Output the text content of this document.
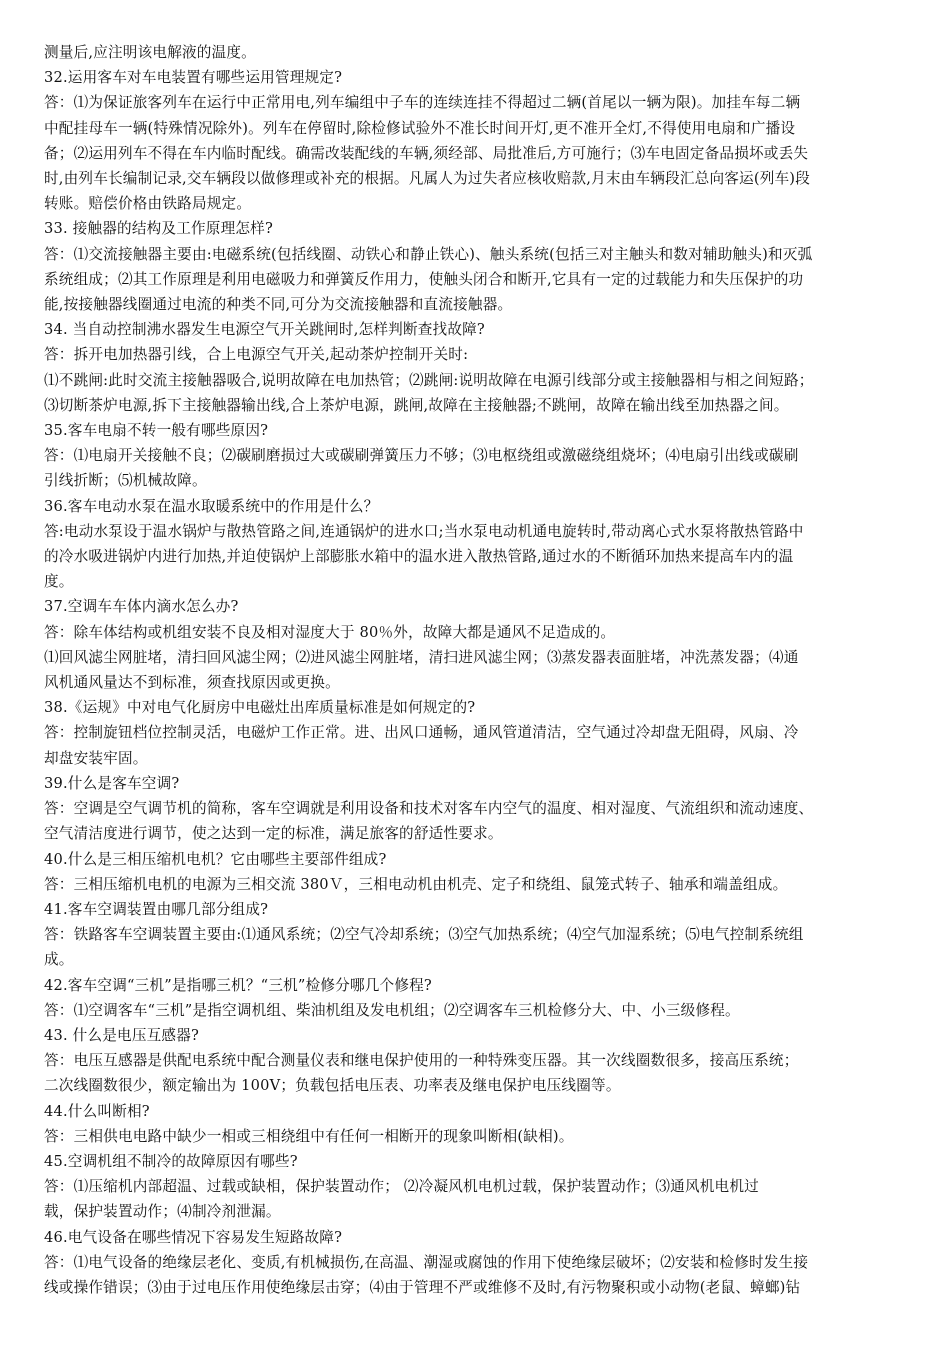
测量后,应注明该电解液的温度。
32.运用客车对车电装置有哪些运用管理规定?
答：⑴为保证旅客列车在运行中正常用电,列车编组中子车的连续连挂不得超过二辆(首尾以一辆为限)。加挂车每二辆
中配挂母车一辆(特殊情况除外)。列车在停留时,除检修试验外不准长时间开灯,更不准开全灯,不得使用电扇和广播设
备；⑵运用列车不得在车内临时配线。确需改装配线的车辆,须经部、局批准后,方可施行；⑶车电固定备品损坏或丢失
时,由列车长编制记录,交车辆段以做修理或补充的根据。凡属人为过失者应核收赔款,月末由车辆段汇总向客运(列车)段
转账。赔偿价格由铁路局规定。
33. 接触器的结构及工作原理怎样?
答：⑴交流接触器主要由:电磁系统(包括线圈、动铁心和静止铁心)、触头系统(包括三对主触头和数对辅助触头)和灭弧
系统组成；⑵其工作原理是利用电磁吸力和弹簧反作用力，使触头闭合和断开,它具有一定的过载能力和失压保护的功
能,按接触器线圈通过电流的种类不同,可分为交流接触器和直流接触器。
34. 当自动控制沸水器发生电源空气开关跳闸时,怎样判断查找故障?
答：拆开电加热器引线，合上电源空气开关,起动茶炉控制开关时:
⑴不跳闸:此时交流主接触器吸合,说明故障在电加热管；⑵跳闸:说明故障在电源引线部分或主接触器相与相之间短路；
⑶切断茶炉电源,拆下主接触器输出线,合上茶炉电源，跳闸,故障在主接触器;不跳闸，故障在输出线至加热器之间。
35.客车电扇不转一般有哪些原因?
答：⑴电扇开关接触不良；⑵碳刷磨损过大或碳刷弹簧压力不够；⑶电枢绕组或激磁绕组烧坏；⑷电扇引出线或碳刷
引线折断；⑸机械故障。
36.客车电动水泵在温水取暖系统中的作用是什么？
答:电动水泵设于温水锅炉与散热管路之间,连通锅炉的进水口;当水泵电动机通电旋转时,带动离心式水泵将散热管路中
的冷水吸进锅炉内进行加热,并迫使锅炉上部膨胀水箱中的温水进入散热管路,通过水的不断循环加热来提高车内的温
度。
37.空调车车体内滴水怎么办?
答：除车体结构或机组安装不良及相对湿度大于 80％外，故障大都是通风不足造成的。
⑴回风滤尘网脏堵，清扫回风滤尘网；⑵进风滤尘网脏堵，清扫进风滤尘网；⑶蒸发器表面脏堵，冲洗蒸发器；⑷通
风机通风量达不到标准，须查找原因或更换。
38.《运规》中对电气化厨房中电磁灶出库质量标准是如何规定的?
答：控制旋钮档位控制灵活，电磁炉工作正常。进、出风口通畅，通风管道清洁，空气通过冷却盘无阻碍，风扇、冷
却盘安装牢固。
39.什么是客车空调?
答：空调是空气调节机的简称，客车空调就是利用设备和技术对客车内空气的温度、相对湿度、气流组织和流动速度、
空气清洁度进行调节，使之达到一定的标准，满足旅客的舒适性要求。
40.什么是三相压缩机电机？它由哪些主要部件组成?
答：三相压缩机电机的电源为三相交流 380Ｖ，三相电动机由机壳、定子和绕组、鼠笼式转子、轴承和端盖组成。
41.客车空调装置由哪几部分组成?
答：铁路客车空调装置主要由:⑴通风系统；⑵空气冷却系统；⑶空气加热系统；⑷空气加湿系统；⑸电气控制系统组
成。
42.客车空调“三机”是指哪三机？“三机”检修分哪几个修程?
答：⑴空调客车“三机”是指空调机组、柴油机组及发电机组；⑵空调客车三机检修分大、中、小三级修程。
43. 什么是电压互感器?
答：电压互感器是供配电系统中配合测量仪表和继电保护使用的一种特殊变压器。其一次线圈数很多，接高压系统；
二次线圈数很少，额定输出为 100V；负载包括电压表、功率表及继电保护电压线圈等。
44.什么叫断相?
答：三相供电电路中缺少一相或三相绕组中有任何一相断开的现象叫断相(缺相)。
45.空调机组不制冷的故障原因有哪些?
答：⑴压缩机内部超温、过载或缺相，保护装置动作； ⑵冷凝风机电机过载，保护装置动作；⑶通风机电机过
载，保护装置动作；⑷制冷剂泄漏。
46.电气设备在哪些情况下容易发生短路故障?
答：⑴电气设备的绝缘层老化、变质,有机械损伤,在高温、潮湿或腐蚀的作用下使绝缘层破坏；⑵安装和检修时发生接
线或操作错误；⑶由于过电压作用使绝缘层击穿；⑷由于管理不严或维修不及时,有污物聚积或小动物(老鼠、蟑螂)钻
